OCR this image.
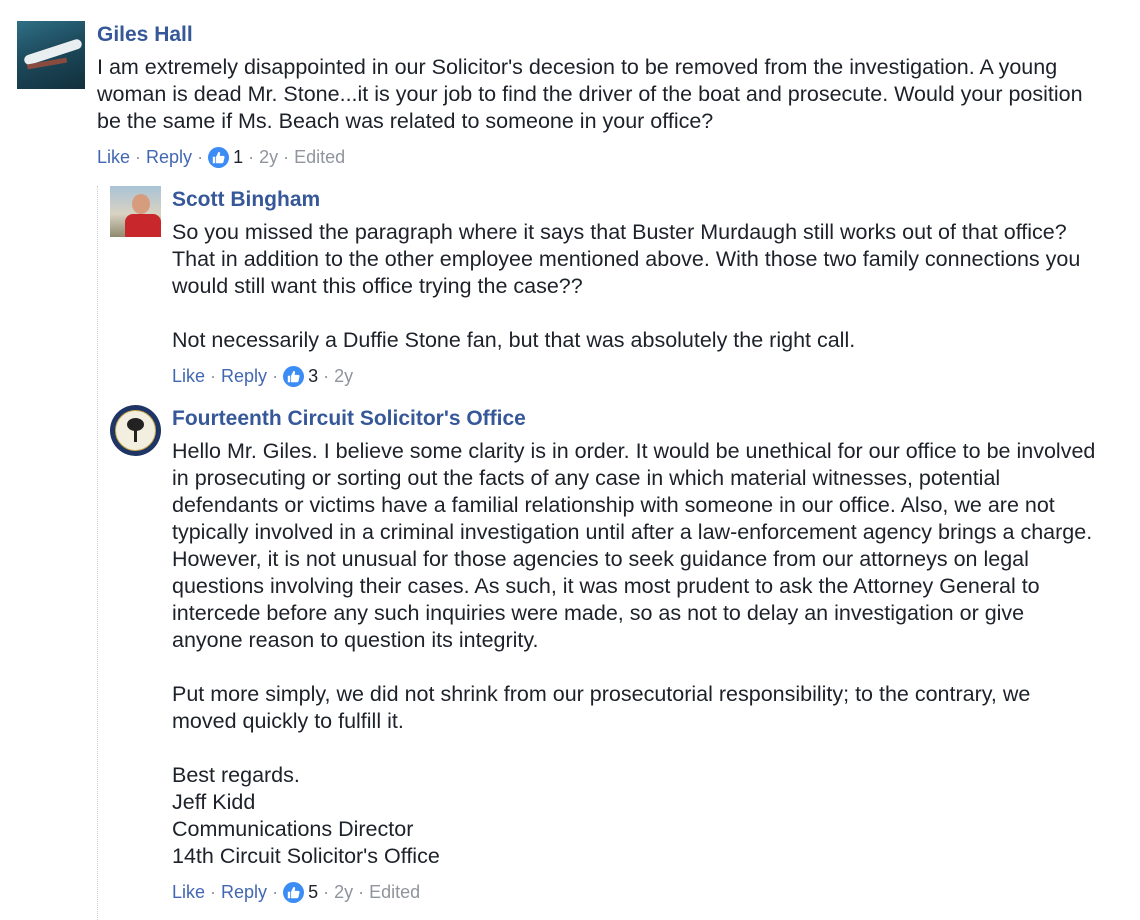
Giles Hall
I am extremely disappointed in our Solicitor's decesion to be removed from the investigation. A young
woman is dead Mr. Stone...it is your job to find the driver of the boat and prosecute. Would your position
be the same if Ms. Beach was related to someone in your office?
Like · Reply · 1 · 2y · Edited
Scott Bingham
So you missed the paragraph where it says that Buster Murdaugh still works out of that office?
That in addition to the other employee mentioned above. With those two family connections you
would still want this office trying the case??
Not necessarily a Duffie Stone fan, but that was absolutely the right call.
Like · Reply · 3 · 2y
Fourteenth Circuit Solicitor's Office
Hello Mr. Giles. I believe some clarity is in order. It would be unethical for our office to be involved
in prosecuting or sorting out the facts of any case in which material witnesses, potential
defendants or victims have a familial relationship with someone in our office. Also, we are not
typically involved in a criminal investigation until after a law-enforcement agency brings a charge.
However, it is not unusual for those agencies to seek guidance from our attorneys on legal
questions involving their cases. As such, it was most prudent to ask the Attorney General to
intercede before any such inquiries were made, so as not to delay an investigation or give
anyone reason to question its integrity.
Put more simply, we did not shrink from our prosecutorial responsibility; to the contrary, we
moved quickly to fulfill it.
Best regards.
Jeff Kidd
Communications Director
14th Circuit Solicitor's Office
Like · Reply · 5 · 2y · Edited
